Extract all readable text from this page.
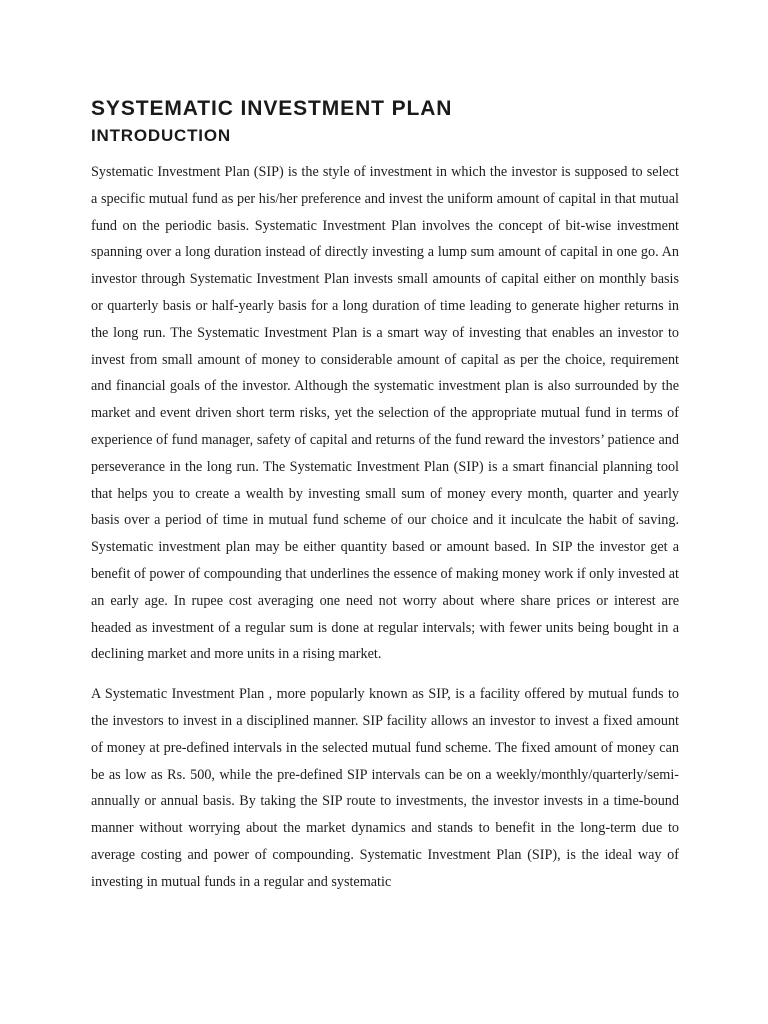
SYSTEMATIC INVESTMENT PLAN
INTRODUCTION

Systematic Investment Plan (SIP) is the style of investment in which the investor is supposed to select a specific mutual fund as per his/her preference and invest the uniform amount of capital in that mutual fund on the periodic basis. Systematic Investment Plan involves the concept of bit-wise investment spanning over a long duration instead of directly investing a lump sum amount of capital in one go. An investor through Systematic Investment Plan invests small amounts of capital either on monthly basis or quarterly basis or half-yearly basis for a long duration of time leading to generate higher returns in the long run. The Systematic Investment Plan is a smart way of investing that enables an investor to invest from small amount of money to considerable amount of capital as per the choice, requirement and financial goals of the investor. Although the systematic investment plan is also surrounded by the market and event driven short term risks, yet the selection of the appropriate mutual fund in terms of experience of fund manager, safety of capital and returns of the fund reward the investors’ patience and perseverance in the long run. The Systematic Investment Plan (SIP) is a smart financial planning tool that helps you to create a wealth by investing small sum of money every month, quarter and yearly basis over a period of time in mutual fund scheme of our choice and it inculcate the habit of saving. Systematic investment plan may be either quantity based or amount based. In SIP the investor get a benefit of power of compounding that underlines the essence of making money work if only invested at an early age. In rupee cost averaging one need not worry about where share prices or interest are headed as investment of a regular sum is done at regular intervals; with fewer units being bought in a declining market and more units in a rising market.

A Systematic Investment Plan , more popularly known as SIP, is a facility offered by mutual funds to the investors to invest in a disciplined manner. SIP facility allows an investor to invest a fixed amount of money at pre-defined intervals in the selected mutual fund scheme. The fixed amount of money can be as low as Rs. 500, while the pre-defined SIP intervals can be on a weekly/monthly/quarterly/semi-annually or annual basis. By taking the SIP route to investments, the investor invests in a time-bound manner without worrying about the market dynamics and stands to benefit in the long-term due to average costing and power of compounding. Systematic Investment Plan (SIP), is the ideal way of investing in mutual funds in a regular and systematic
